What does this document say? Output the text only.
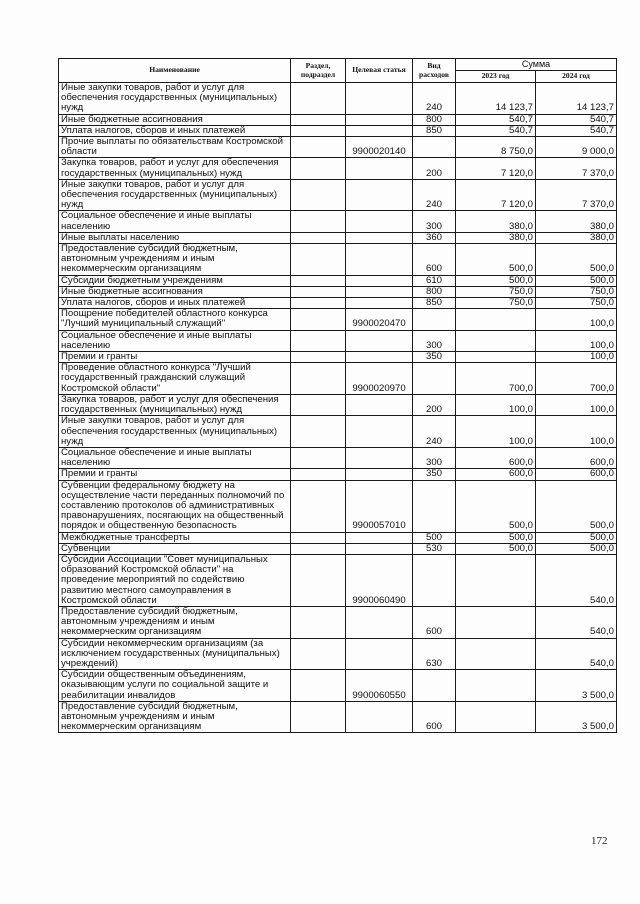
Наименование	Раздел, подраздел	Целевая статья	Вид расходов	Сумма	
				2023 год	2024 год
Иные закупки товаров, работ и услуг для обеспечения государственных (муниципальных) нужд			240	14 123,7	14 123,7
Иные бюджетные ассигнования			800	540,7	540,7
Уплата налогов, сборов и иных платежей			850	540,7	540,7
Прочие выплаты по обязательствам Костромской области		9900020140		8 750,0	9 000,0
Закупка товаров, работ и услуг для обеспечения государственных (муниципальных) нужд			200	7 120,0	7 370,0
Иные закупки товаров, работ и услуг для обеспечения государственных (муниципальных) нужд			240	7 120,0	7 370,0
Социальное обеспечение и иные выплаты населению			300	380,0	380,0
Иные выплаты населению			360	380,0	380,0
Предоставление субсидий бюджетным, автономным учреждениям и иным некоммерческим организациям			600	500,0	500,0
Субсидии бюджетным учреждениям			610	500,0	500,0
Иные бюджетные ассигнования			800	750,0	750,0
Уплата налогов, сборов и иных платежей			850	750,0	750,0
Поощрение победителей областного конкурса "Лучший муниципальный служащий"		9900020470			100,0
Социальное обеспечение и иные выплаты населению			300		100,0
Премии и гранты			350		100,0
Проведение областного конкурса "Лучший государственный гражданский служащий Костромской области"		9900020970		700,0	700,0
Закупка товаров, работ и услуг для обеспечения государственных (муниципальных) нужд			200	100,0	100,0
Иные закупки товаров, работ и услуг для обеспечения государственных (муниципальных) нужд			240	100,0	100,0
Социальное обеспечение и иные выплаты населению			300	600,0	600,0
Премии и гранты			350	600,0	600,0
Субвенции федеральному бюджету на осуществление части переданных полномочий по составлению протоколов об административных правонарушениях, посягающих на общественный порядок и общественную безопасность		9900057010		500,0	500,0
Межбюджетные трансферты			500	500,0	500,0
Субвенции			530	500,0	500,0
Субсидии Ассоциации "Совет муниципальных образований Костромской области" на проведение мероприятий по содействию развитию местного самоуправления в Костромской области		9900060490			540,0
Предоставление субсидий бюджетным, автономным учреждениям и иным некоммерческим организациям			600		540,0
Субсидии некоммерческим организациям (за исключением государственных (муниципальных) учреждений)			630		540,0
Субсидии общественным объединениям, оказывающим услуги по социальной защите и реабилитации инвалидов		9900060550			3 500,0
Предоставление субсидий бюджетным, автономным учреждениям и иным некоммерческим организациям			600		3 500,0
172
